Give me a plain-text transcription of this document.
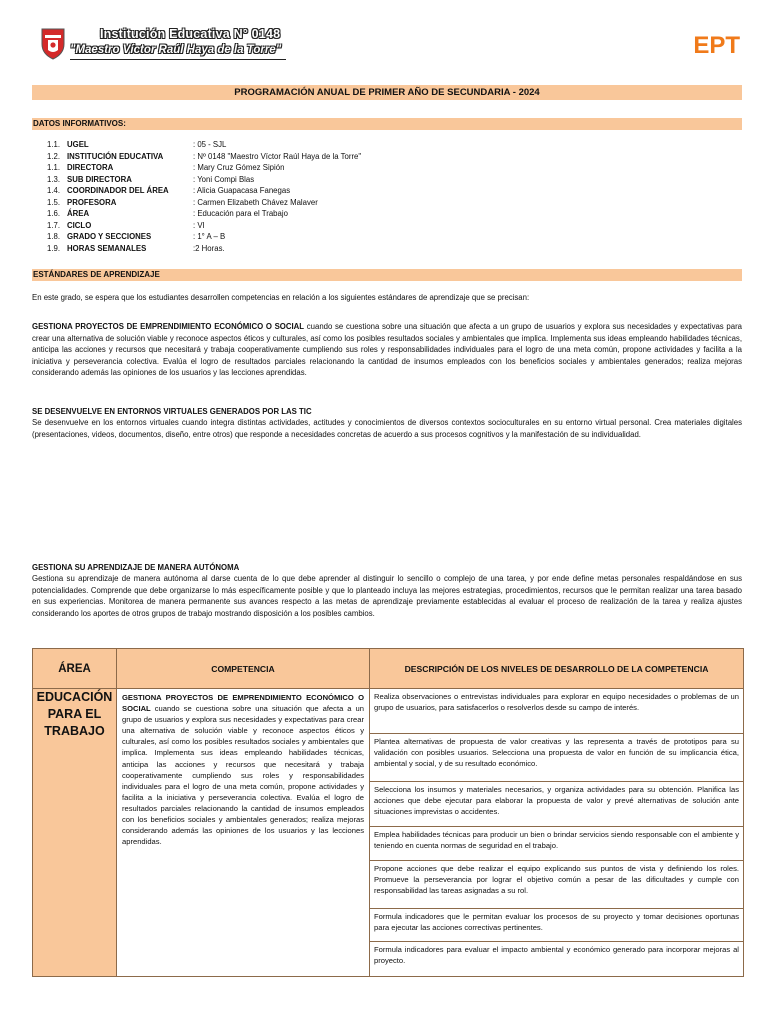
Institución Educativa N° 0148
"Maestro Víctor Raúl Haya de la Torre"	EPT
PROGRAMACIÓN ANUAL DE PRIMER AÑO DE SECUNDARIA - 2024
DATOS INFORMATIVOS:
1.1. UGEL	: 05 - SJL
1.2. INSTITUCIÓN EDUCATIVA	: Nº 0148 "Maestro Víctor Raúl Haya de la Torre"
1.1. DIRECTORA	: Mary Cruz Gómez Sipión
1.3. SUB DIRECTORA	: Yoni Compi Blas
1.4. COORDINADOR DEL ÁREA	: Alicia Guapacasa Fanegas
1.5. PROFESORA	: Carmen Elizabeth Chávez Malaver
1.6. ÁREA	: Educación para el Trabajo
1.7. CICLO	: VI
1.8. GRADO Y SECCIONES	: 1° A – B
1.9. HORAS SEMANALES	:2 Horas.
ESTÁNDARES DE APRENDIZAJE
En este grado, se espera que los estudiantes desarrollen competencias en relación a los siguientes estándares de aprendizaje que se precisan:
GESTIONA PROYECTOS DE EMPRENDIMIENTO ECONÓMICO O SOCIAL cuando se cuestiona sobre una situación que afecta a un grupo de usuarios y explora sus necesidades y expectativas para crear una alternativa de solución viable y reconoce aspectos éticos y culturales, así como los posibles resultados sociales y ambientales que implica. Implementa sus ideas empleando habilidades técnicas, anticipa las acciones y recursos que necesitará y trabaja cooperativamente cumpliendo sus roles y responsabilidades individuales para el logro de una meta común, propone actividades y facilita a la iniciativa y perseverancia colectiva. Evalúa el logro de resultados parciales relacionando la cantidad de insumos empleados con los beneficios sociales y ambientales generados; realiza mejoras considerando además las opiniones de los usuarios y las lecciones aprendidas.
SE DESENVUELVE EN ENTORNOS VIRTUALES GENERADOS POR LAS TIC
Se desenvuelve en los entornos virtuales cuando integra distintas actividades, actitudes y conocimientos de diversos contextos socioculturales en su entorno virtual personal. Crea materiales digitales (presentaciones, videos, documentos, diseño, entre otros) que responde a necesidades concretas de acuerdo a sus procesos cognitivos y la manifestación de su individualidad.
GESTIONA SU APRENDIZAJE DE MANERA AUTÓNOMA
Gestiona su aprendizaje de manera autónoma al darse cuenta de lo que debe aprender al distinguir lo sencillo o complejo de una tarea, y por ende define metas personales respaldándose en sus potencialidades. Comprende que debe organizarse lo más específicamente posible y que lo planteado incluya las mejores estrategias, procedimientos, recursos que le permitan realizar una tarea basado en sus experiencias. Monitorea de manera permanente sus avances respecto a las metas de aprendizaje previamente establecidas al evaluar el proceso de realización de la tarea y realiza ajustes considerando los aportes de otros grupos de trabajo mostrando disposición a los posibles cambios.
ÁREA	COMPETENCIA	DESCRIPCIÓN DE LOS NIVELES DE DESARROLLO DE LA COMPETENCIA
EDUCACIÓN PARA EL TRABAJO	GESTIONA PROYECTOS DE EMPRENDIMIENTO ECONÓMICO O SOCIAL cuando se cuestiona sobre una situación que afecta a un grupo de usuarios y explora sus necesidades y expectativas para crear una alternativa de solución viable y reconoce aspectos éticos y culturales, así como los posibles resultados sociales y ambientales que implica. Implementa sus ideas empleando habilidades técnicas, anticipa las acciones y recursos que necesitará y trabaja cooperativamente cumpliendo sus roles y responsabilidades individuales para el logro de una meta común, propone actividades y facilita a la iniciativa y perseverancia colectiva. Evalúa el logro de resultados parciales relacionando la cantidad de insumos empleados con los beneficios sociales y ambientales generados; realiza mejoras considerando además las opiniones de los usuarios y las lecciones aprendidas.	Realiza observaciones o entrevistas individuales para explorar en equipo necesidades o problemas de un grupo de usuarios, para satisfacerlos o resolverlos desde su campo de interés.
		Plantea alternativas de propuesta de valor creativas y las representa a través de prototipos para su validación con posibles usuarios. Selecciona una propuesta de valor en función de su implicancia ética, ambiental y social, y de su resultado económico.
		Selecciona los insumos y materiales necesarios, y organiza actividades para su obtención. Planifica las acciones que debe ejecutar para elaborar la propuesta de valor y prevé alternativas de solución ante situaciones imprevistas o accidentes.
		Emplea habilidades técnicas para producir un bien o brindar servicios siendo responsable con el ambiente y teniendo en cuenta normas de seguridad en el trabajo.
		Propone acciones que debe realizar el equipo explicando sus puntos de vista y definiendo los roles. Promueve la perseverancia por lograr el objetivo común a pesar de las dificultades y cumple con responsabilidad las tareas asignadas a su rol.
		Formula indicadores que le permitan evaluar los procesos de su proyecto y tomar decisiones oportunas para ejecutar las acciones correctivas pertinentes.
		Formula indicadores para evaluar el impacto ambiental y económico generado para incorporar mejoras al proyecto.
